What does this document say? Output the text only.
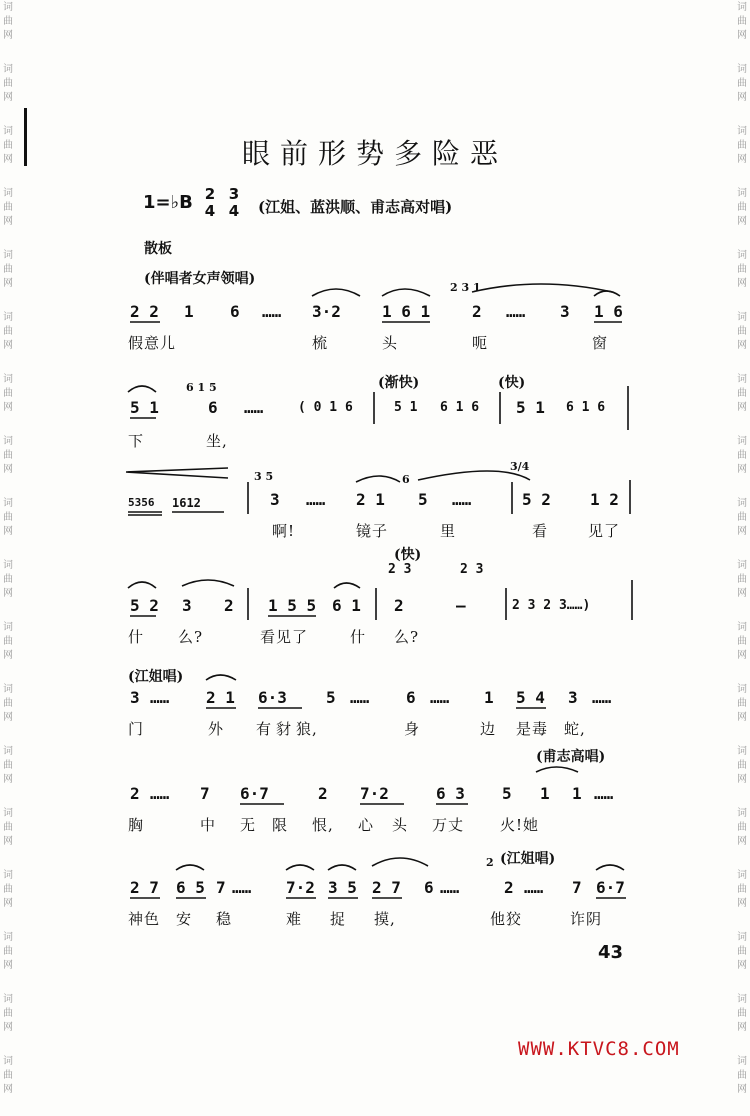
词
曲
网
词
曲
网
词
曲
网
词
曲
网
词
曲
网
词
曲
网
词
曲
网
词
曲
网
词
曲
网
词
曲
网
词
曲
网
词
曲
网
词
曲
网
词
曲
网
词
曲
网
词
曲
网
词
曲
网
词
曲
网
词
曲
网
词
曲
网
词
曲
网
词
曲
网
词
曲
网
词
曲
网
词
曲
网
词
曲
网
词
曲
网
词
曲
网
词
曲
网
词
曲
网
词
曲
网
词
曲
网
词
曲
网
词
曲
网
词
曲
网
词
曲
网
眼前形势多险恶
1=♭B 2
4
3
4 (江姐、蓝洪顺、甫志高对唱)
散板
(伴唱者女声领唱)
2 2 1 6 …… 3·2	1 6 1
2 3 1
2 …… 3 1 6
假意儿	梳	头	呃	窗
(渐快)	(快)
5 1
6 1 5
6 ……	( 0 1 6	5 1 6 1 6 5 1 6 1 6
下	坐,
5356 1612
3 5
3 …… 2 1
6
5 ……
3/4
5 2 1 2
啊!	镜子	里	看	见了
(快)
5 2 3 2 1 5 5 6 1
2 3	2 3
2	—	2 3 2 3……)
什 么?	看见了	什 么?
(江姐唱)
3 …… 2 1 6·3 5 …… 6 …… 1 5 4 3 ……
门	外 有 豺 狼,	身	边 是毒 蛇,
(甫志高唱)
2 …… 7 6·7	2 7·2	6 3 5 1 1 ……
胸	中 无 限 恨, 心 头 万丈 火!她
(江姐唱)
2 7 6 5 7 …… 7·2 3 5 2 7 6 ……
2
2 …… 7 6·7
神色 安 稳	难 捉 摸,	他狡	诈阴
43
WWW.KTVC8.COM
